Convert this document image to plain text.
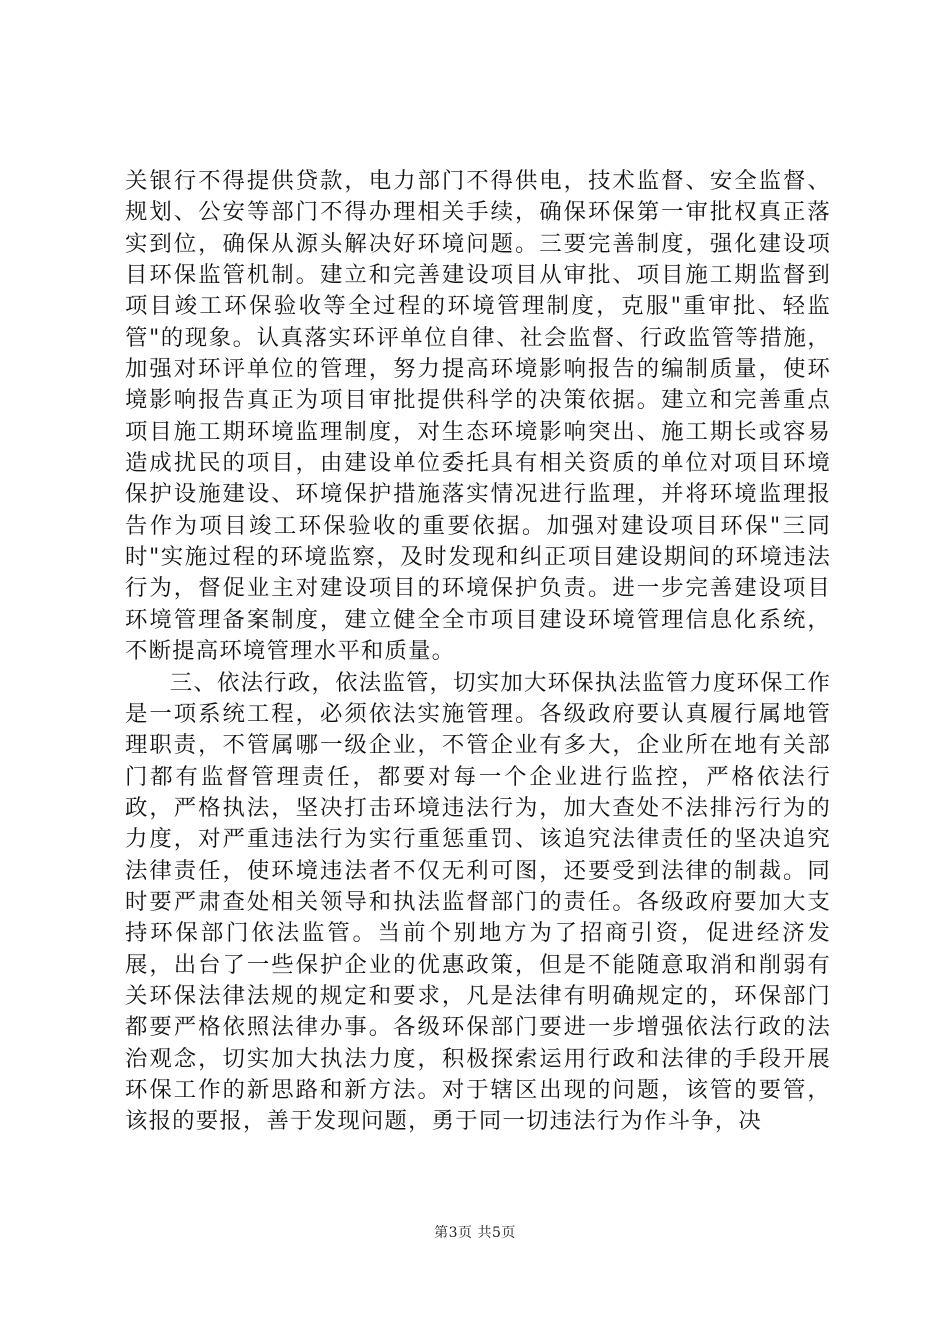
关银行不得提供贷款，电力部门不得供电，技术监督、安全监督、规划、公安等部门不得办理相关手续，确保环保第一审批权真正落实到位，确保从源头解决好环境问题。三要完善制度，强化建设项目环保监管机制。建立和完善建设项目从审批、项目施工期监督到项目竣工环保验收等全过程的环境管理制度，克服"重审批、轻监管"的现象。认真落实环评单位自律、社会监督、行政监管等措施，加强对环评单位的管理，努力提高环境影响报告的编制质量，使环境影响报告真正为项目审批提供科学的决策依据。建立和完善重点项目施工期环境监理制度，对生态环境影响突出、施工期长或容易造成扰民的项目，由建设单位委托具有相关资质的单位对项目环境保护设施建设、环境保护措施落实情况进行监理，并将环境监理报告作为项目竣工环保验收的重要依据。加强对建设项目环保"三同时"实施过程的环境监察，及时发现和纠正项目建设期间的环境违法行为，督促业主对建设项目的环境保护负责。进一步完善建设项目环境管理备案制度，建立健全全市项目建设环境管理信息化系统，不断提高环境管理水平和质量。

三、依法行政，依法监管，切实加大环保执法监管力度环保工作是一项系统工程，必须依法实施管理。各级政府要认真履行属地管理职责，不管属哪一级企业，不管企业有多大，企业所在地有关部门都有监督管理责任，都要对每一个企业进行监控，严格依法行政，严格执法，坚决打击环境违法行为，加大查处不法排污行为的力度，对严重违法行为实行重惩重罚、该追究法律责任的坚决追究法律责任，使环境违法者不仅无利可图，还要受到法律的制裁。同时要严肃查处相关领导和执法监督部门的责任。各级政府要加大支持环保部门依法监管。当前个别地方为了招商引资，促进经济发展，出台了一些保护企业的优惠政策，但是不能随意取消和削弱有关环保法律法规的规定和要求，凡是法律有明确规定的，环保部门都要严格依照法律办事。各级环保部门要进一步增强依法行政的法治观念，切实加大执法力度，积极探索运用行政和法律的手段开展环保工作的新思路和新方法。对于辖区出现的问题，该管的要管，该报的要报，善于发现问题，勇于同一切违法行为作斗争，决

第3页 共5页
